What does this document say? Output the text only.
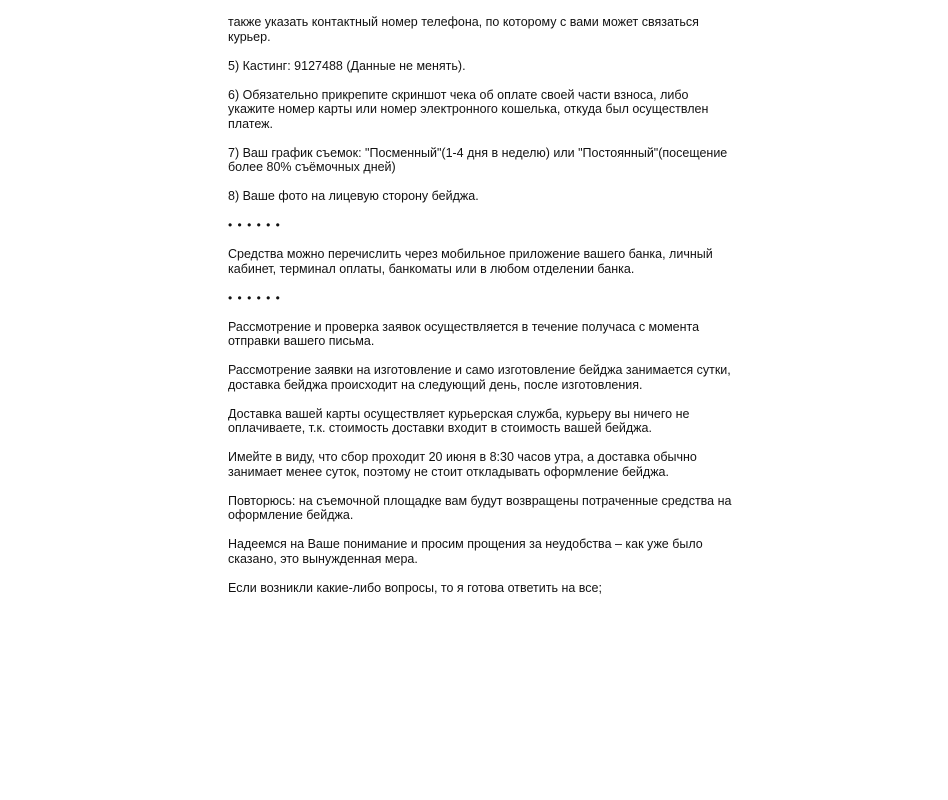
также указать контактный номер телефона, по которому с вами может связаться курьер.

5) Кастинг: 9127488 (Данные не менять).

6) Обязательно прикрепите скриншот чека об оплате своей части взноса, либо укажите номер карты или номер электронного кошелька, откуда был осуществлен платеж.

7) Ваш график съемок: "Посменный"(1-4 дня в неделю) или "Постоянный"(посещение более 80% съёмочных дней)

8) Ваше фото на лицевую сторону бейджа.

• • • • • •

Средства можно перечислить через мобильное приложение вашего банка, личный кабинет, терминал оплаты, банкоматы или в любом отделении банка.

• • • • • •

Рассмотрение и проверка заявок осуществляется в течение получаса с момента отправки вашего письма.

Рассмотрение заявки на изготовление и само изготовление бейджа занимается сутки, доставка бейджа происходит на следующий день, после изготовления.

Доставка вашей карты осуществляет курьерская служба, курьеру вы ничего не оплачиваете, т.к. стоимость доставки входит в стоимость вашей бейджа.

Имейте в виду, что сбор проходит 20 июня в 8:30 часов утра, а доставка обычно занимает менее суток, поэтому не стоит откладывать оформление бейджа.

Повторюсь: на съемочной площадке вам будут возвращены потраченные средства на оформление бейджа.

Надеемся на Ваше понимание и просим прощения за неудобства – как уже было сказано, это вынужденная мера.

Если возникли какие-либо вопросы, то я готова ответить на все;
